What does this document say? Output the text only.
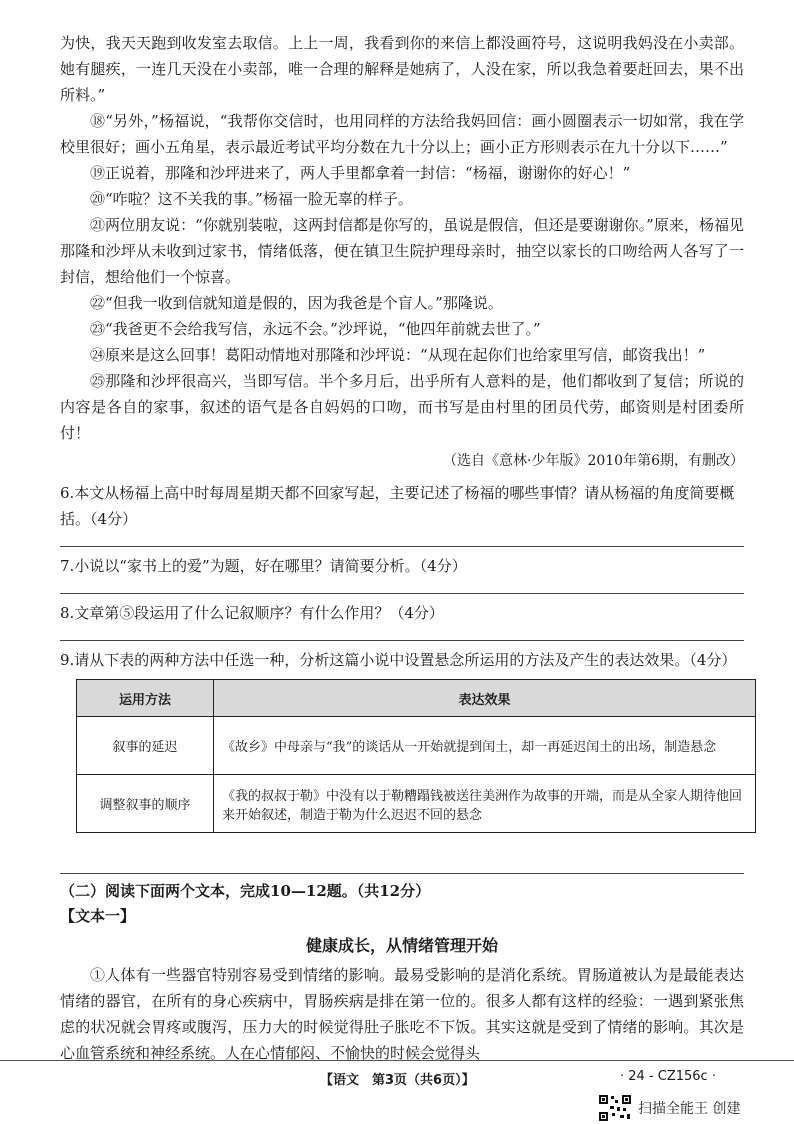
为快，我天天跑到收发室去取信。上上一周，我看到你的来信上都没画符号，这说明我妈没在小卖部。她有腿疾，一连几天没在小卖部，唯一合理的解释是她病了，人没在家，所以我急着要赶回去，果不出所料。”

⑱“另外，”杨福说，“我帮你交信时，也用同样的方法给我妈回信：画小圆圈表示一切如常，我在学校里很好；画小五角星，表示最近考试平均分数在九十分以上；画小正方形则表示在九十分以下……”

⑲正说着，那隆和沙坪进来了，两人手里都拿着一封信：“杨福，谢谢你的好心！”

⑳“咋啦？这不关我的事。”杨福一脸无辜的样子。

㉑两位朋友说：“你就别装啦，这两封信都是你写的，虽说是假信，但还是要谢谢你。”原来，杨福见那隆和沙坪从未收到过家书，情绪低落，便在镇卫生院护理母亲时，抽空以家长的口吻给两人各写了一封信，想给他们一个惊喜。

㉒“但我一收到信就知道是假的，因为我爸是个盲人。”那隆说。

㉓“我爸更不会给我写信，永远不会。”沙坪说，“他四年前就去世了。”

㉔原来是这么回事！葛阳动情地对那隆和沙坪说：“从现在起你们也给家里写信，邮资我出！”

㉕那隆和沙坪很高兴，当即写信。半个多月后，出乎所有人意料的是，他们都收到了复信；所说的内容是各自的家事，叙述的语气是各自妈妈的口吻，而书写是由村里的团员代劳，邮资则是村团委所付！

（选自《意林·少年版》2010年第6期，有删改）

6.本文从杨福上高中时每周星期天都不回家写起，主要记述了杨福的哪些事情？请从杨福的角度简要概括。（4分）

7.小说以“家书上的爱”为题，好在哪里？请简要分析。（4分）

8.文章第⑤段运用了什么记叙顺序？有什么作用？（4分）

9.请从下表的两种方法中任选一种，分析这篇小说中设置悬念所运用的方法及产生的表达效果。（4分）

运用方法	表达效果
叙事的延迟	《故乡》中母亲与“我”的谈话从一开始就提到闰土，却一再延迟闰土的出场，制造悬念
调整叙事的顺序	《我的叔叔于勒》中没有以于勒糟蹋钱被送往美洲作为故事的开端，而是从全家人期待他回来开始叙述，制造于勒为什么迟迟不回的悬念

（二）阅读下面两个文本，完成10—12题。（共12分）

【文本一】

健康成长，从情绪管理开始

①人体有一些器官特别容易受到情绪的影响。最易受影响的是消化系统。胃肠道被认为是最能表达情绪的器官，在所有的身心疾病中，胃肠疾病是排在第一位的。很多人都有这样的经验：一遇到紧张焦虑的状况就会胃疼或腹泻，压力大的时候觉得肚子胀吃不下饭。其实这就是受到了情绪的影响。其次是心血管系统和神经系统。人在心情郁闷、不愉快的时候会觉得头

【语文　第3页（共6页）】	· 24 - CZ156c ·
扫描全能王 创建
